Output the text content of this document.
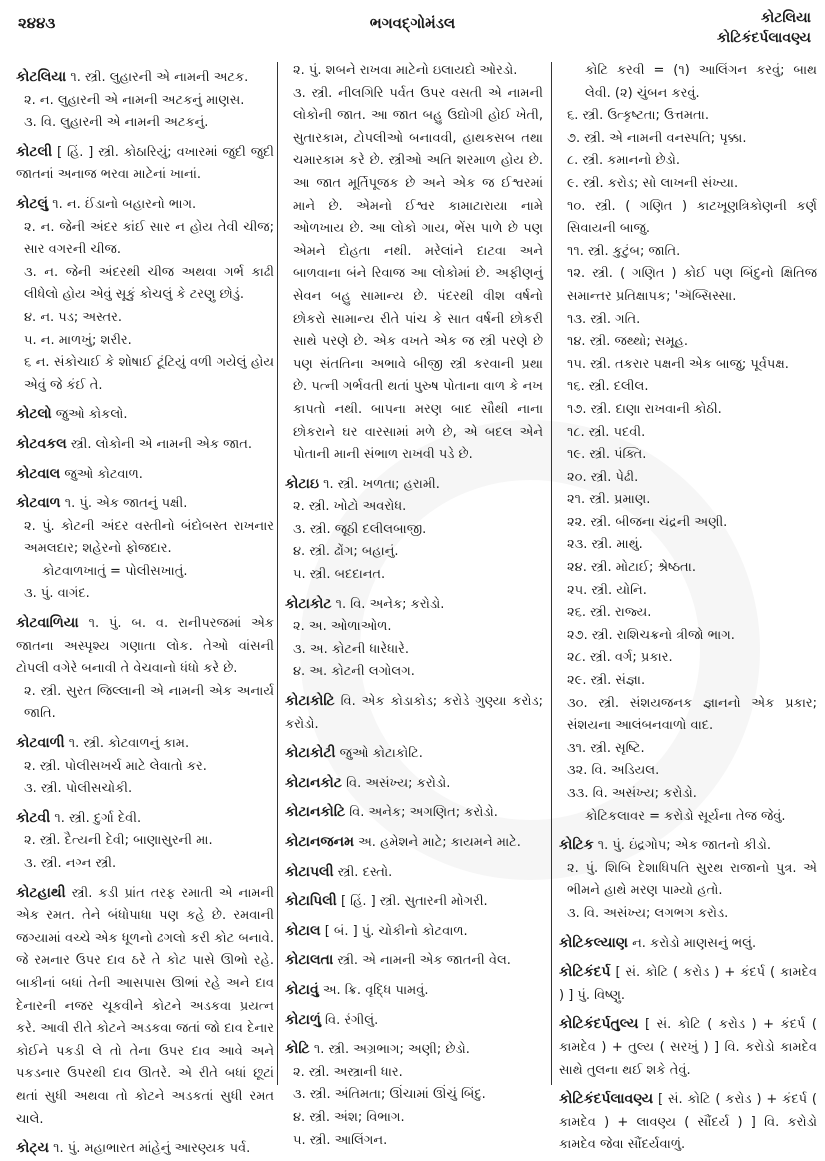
૨૪૪૩	ભગવદ્ગોમંડલ	કોટલિયા
કોટિકંદર્પલાવણ્ય
કોટલિયા ૧. સ્ત્રી. લુહારની એ નામની અટક.
૨. ન. લુહારની એ નામની અટકનું માણસ.
૩. વિ. લુહારની એ નામની અટકનું.
કોટલી [ હિં. ] સ્ત્રી. કોઠારિયું; વખારમાં જુદી જુદી જાતનાં અનાજ ભરવા માટેનાં ખાનાં.
કોટલું ૧. ન. ઈંડાનો બહારનો ભાગ.
૨. ન. જેની અંદર કાંઈ સાર ન હોય તેવી ચીજ; સાર વગરની ચીજ.
૩. ન. જેની અંદરથી ચીજ અથવા ગર્ભ કાઢી લીધેલો હોય એવું સૂકું કોચલું કે ટરણુ છોડું.
૪. ન. પડ; અસ્તર.
૫. ન. માળખું; શરીર.
૬ ન. સંકોચાઈ કે શોષાઈ ટૂંટિયું વળી ગયેલું હોય એવું જે કંઈ તે.
કોટલો જુઓ કોકલો.
કોટવકલ સ્ત્રી. લોકોની એ નામની એક જાત.
કોટવાલ જુઓ કોટવાળ.
કોટવાળ ૧. પું. એક જાતનું પક્ષી.
૨. પું. કોટની અંદર વસ્તીનો બંદોબસ્ત રાખનાર અમલદાર; શહેરનો ફોજદાર.
કોટવાળખાતું = પોલીસખાતું.
૩. પું. વાગંદ.
કોટવાળિયા ૧. પું. બ. વ. રાનીપરજમાં એક જાતના અસ્પૃશ્ય ગણાતા લોક. તેઓ વાંસની ટોપલી વગેરે બનાવી તે વેચવાનો ધંધો કરે છે.
૨. સ્ત્રી. સુરત જિલ્લાની એ નામની એક અનાર્ય જાતિ.
કોટવાળી ૧. સ્ત્રી. કોટવાળનું કામ.
૨. સ્ત્રી. પોલીસખર્ચ માટે લેવાતો કર.
૩. સ્ત્રી. પોલીસચોકી.
કોટવી ૧. સ્ત્રી. દુર્ગા દેવી.
૨. સ્ત્રી. દૈત્યની દેવી; બાણાસુરની મા.
૩. સ્ત્રી. નગ્ન સ્ત્રી.
કોટહાથી સ્ત્રી. કડી પ્રાંત તરફ રમાતી એ નામની એક રમત. તેને બંધોપાધા પણ કહે છે. રમવાની જગ્યામાં વચ્ચે એક ધૂળનો ઢગલો કરી કોટ બનાવે. જે રમનાર ઉપર દાવ ઠરે તે કોટ પાસે ઊભો રહે. બાકીનાં બધાં તેની આસપાસ ઊભાં રહે અને દાવ દેનારની નજર ચૂકવીને કોટને અડકવા પ્રયત્ન કરે. આવી રીતે કોટને અડકવા જતાં જો દાવ દેનાર કોઈને પકડી લે તો તેના ઉપર દાવ આવે અને પકડનાર ઉપરથી દાવ ઊતરે. એ રીતે બધાં છૂટાં થતાં સુધી અથવા તો કોટને અડકતાં સુધી રમત ચાલે.
કોટ્ય ૧. પું. મહાભારત માંહેનું આરણ્યક પર્વ.
૨. પું. શબને રાખવા માટેનો ઇલાયદો ઓરડો.
૩. સ્ત્રી. નીલગિરિ પર્વત ઉપર વસતી એ નામની લોકોની જાત. આ જાત બહુ ઉદ્યોગી હોઈ ખેતી, સુતારકામ, ટોપલીઓ બનાવવી, હાથકસબ તથા ચમારકામ કરે છે. સ્ત્રીઓ અતિ શરમાળ હોય છે. આ જાત મૂર્તિપૂજક છે અને એક જ ઈશ્વરમાં માને છે. એમનો ઈશ્વર કામાટારાયા નામે ઓળખાય છે. આ લોકો ગાય, ભેંસ પાળે છે પણ એમને દોહતા નથી. મરેલાંને દાટવા અને બાળવાના બંને રિવાજ આ લોકોમાં છે. અફીણનું સેવન બહુ સામાન્ય છે. પંદરથી વીશ વર્ષનો છોકરો સામાન્ય રીતે પાંચ કે સાત વર્ષની છોકરી સાથે પરણે છે. એક વખતે એક જ સ્ત્રી પરણે છે પણ સંતતિના અભાવે બીજી સ્ત્રી કરવાની પ્રથા છે. પત્ની ગર્ભવતી થતાં પુરુષ પોતાના વાળ કે નખ કાપતો નથી. બાપના મરણ બાદ સૌથી નાના છોકરાને ઘર વારસામાં મળે છે, એ બદલ એને પોતાની માની સંભાળ રાખવી પડે છે.
કોટાઇ ૧. સ્ત્રી. ખળતા; હરામી.
૨. સ્ત્રી. ખોટો અવરોધ.
૩. સ્ત્રી. જૂઠી દલીલબાજી.
૪. સ્ત્રી. ઢોંગ; બહાનું.
૫. સ્ત્રી. બદદાનત.
કોટાકોટ ૧. વિ. અનેક; કરોડો.
૨. અ. ઓળાઓળ.
૩. અ. કોટની ધારેધારે.
૪. અ. કોટની લગોલગ.
કોટાકોટિ વિ. એક કોડાકોડ; કરોડે ગુણ્યા કરોડ; કરોડો.
કોટાકોટી જુઓ કોટાકોટિ.
કોટાનકોટ વિ. અસંખ્ય; કરોડો.
કોટાનકોટિ વિ. અનેક; અગણિત; કરોડો.
કોટાનજનમ અ. હમેશને માટે; કાયમને માટે.
કોટાપલી સ્ત્રી. દસ્તો.
કોટાપિલી [ હિં. ] સ્ત્રી. સુતારની મોગરી.
કોટાલ [ બં. ] પું. ચોકીનો કોટવાળ.
કોટાલતા સ્ત્રી. એ નામની એક જાતની વેલ.
કોટાવું અ. ક્રિ. વૃદ્ધિ પામવું.
કોટાળું વિ. રંગીલું.
કોટિ ૧. સ્ત્રી. અગ્રભાગ; અણી; છેડો.
૨. સ્ત્રી. અસ્ત્રાની ધાર.
૩. સ્ત્રી. અંતિમતા; ઊંચામાં ઊંચું બિંદુ.
૪. સ્ત્રી. અંશ; વિભાગ.
૫. સ્ત્રી. આલિંગન.
કોટિ કરવી = (૧) આલિંગન કરવું; બાથ લેવી. (૨) ચુંબન કરવું.
૬. સ્ત્રી. ઉત્કૃષ્ટતા; ઉત્તમતા.
૭. સ્ત્રી. એ નામની વનસ્પતિ; પૃક્કા.
૮. સ્ત્રી. કમાનનો છેડો.
૯. સ્ત્રી. કરોડ; સો લાખની સંખ્યા.
૧૦. સ્ત્રી. ( ગણિત ) કાટખૂણત્રિકોણની કર્ણ સિવાયની બાજુ.
૧૧. સ્ત્રી. કુટુંબ; જાતિ.
૧૨. સ્ત્રી. ( ગણિત ) કોઈ પણ બિંદુનો ક્ષિતિજ સમાન્તર પ્રતિક્ષાપક; 'ઍબ્સિસ્સા.
૧૩. સ્ત્રી. ગતિ.
૧૪. સ્ત્રી. જથ્થો; સમૂહ.
૧૫. સ્ત્રી. તકરાર પક્ષની એક બાજુ; પૂર્વપક્ષ.
૧૬. સ્ત્રી. દલીલ.
૧૭. સ્ત્રી. દાણા રાખવાની કોઠી.
૧૮. સ્ત્રી. પદવી.
૧૯. સ્ત્રી. પંક્તિ.
૨૦. સ્ત્રી. પેઢી.
૨૧. સ્ત્રી. પ્રમાણ.
૨૨. સ્ત્રી. બીજના ચંદ્રની અણી.
૨૩. સ્ત્રી. માથું.
૨૪. સ્ત્રી. મોટાઈ; શ્રેષ્ઠતા.
૨૫. સ્ત્રી. યોનિ.
૨૬. સ્ત્રી. રાજ્ય.
૨૭. સ્ત્રી. રાશિચક્રનો ત્રીજો ભાગ.
૨૮. સ્ત્રી. વર્ગ; પ્રકાર.
૨૯. સ્ત્રી. સંજ્ઞા.
૩૦. સ્ત્રી. સંશયજનક જ્ઞાનનો એક પ્રકાર; સંશયના આલંબનવાળો વાદ.
૩૧. સ્ત્રી. સૃષ્ટિ.
૩૨. વિ. અડિયલ.
૩૩. વિ. અસંખ્ય; કરોડો.
કોટિકલાવર = કરોડો સૂર્યના તેજ જેવું.
કોટિક ૧. પું. ઇંદ્રગોપ; એક જાતનો કીડો.
૨. પું. શિબિ દેશાધિપતિ સુરથ રાજાનો પુત્ર. એ ભીમને હાથે મરણ પામ્યો હતો.
૩. વિ. અસંખ્ય; લગભગ કરોડ.
કોટિકલ્યાણ ન. કરોડો માણસનું ભલું.
કોટિકંદર્પ [ સં. કોટિ ( કરોડ ) + કંદર્પ ( કામદેવ ) ] પું. વિષ્ણુ.
કોટિકંદર્પતુલ્ય [ સં. કોટિ ( કરોડ ) + કંદર્પ ( કામદેવ ) + તુલ્ય ( સરખું ) ] વિ. કરોડો કામદેવ સાથે તુલના થઈ શકે તેવું.
કોટિકંદર્પલાવણ્ય [ સં. કોટિ ( કરોડ ) + કંદર્પ ( કામદેવ ) + લાવણ્ય ( સૌંદર્ય ) ] વિ. કરોડો કામદેવ જેવા સૌંદર્યવાળું.
